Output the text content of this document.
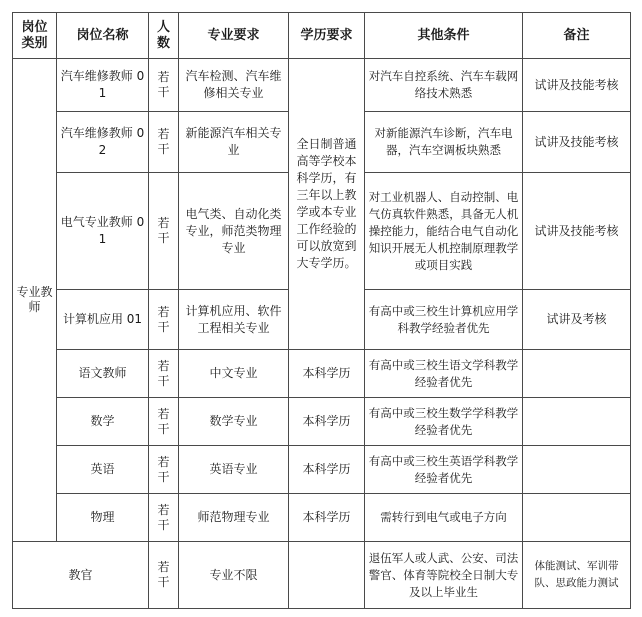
岗位类别	岗位名称	人数	专业要求	学历要求	其他条件	备注
专业教师	汽车维修教师 01	若干	汽车检测、汽车维修相关专业	全日制普通高等学校本科学历，有三年以上教学或本专业工作经验的可以放宽到大专学历。	对汽车自控系统、汽车车载网络技术熟悉	试讲及技能考核
	汽车维修教师 02	若干	新能源汽车相关专业		对新能源汽车诊断，汽车电器，汽车空调板块熟悉	试讲及技能考核
	电气专业教师 01	若干	电气类、自动化类专业，师范类物理专业		对工业机器人、自动控制、电气仿真软件熟悉，具备无人机操控能力，能结合电气自动化知识开展无人机控制原理教学或项目实践	试讲及技能考核
	计算机应用 01	若干	计算机应用、软件工程相关专业		有高中或三校生计算机应用学科教学经验者优先	试讲及考核
	语文教师	若干	中文专业	本科学历	有高中或三校生语文学科教学经验者优先	
	数学	若干	数学专业	本科学历	有高中或三校生数学学科教学经验者优先	
	英语	若干	英语专业	本科学历	有高中或三校生英语学科教学经验者优先	
	物理	若干	师范物理专业	本科学历	需转行到电气或电子方向	
教官		若干	专业不限		退伍军人或人武、公安、司法警官、体育等院校全日制大专及以上毕业生	体能测试、军训带队、思政能力测试
